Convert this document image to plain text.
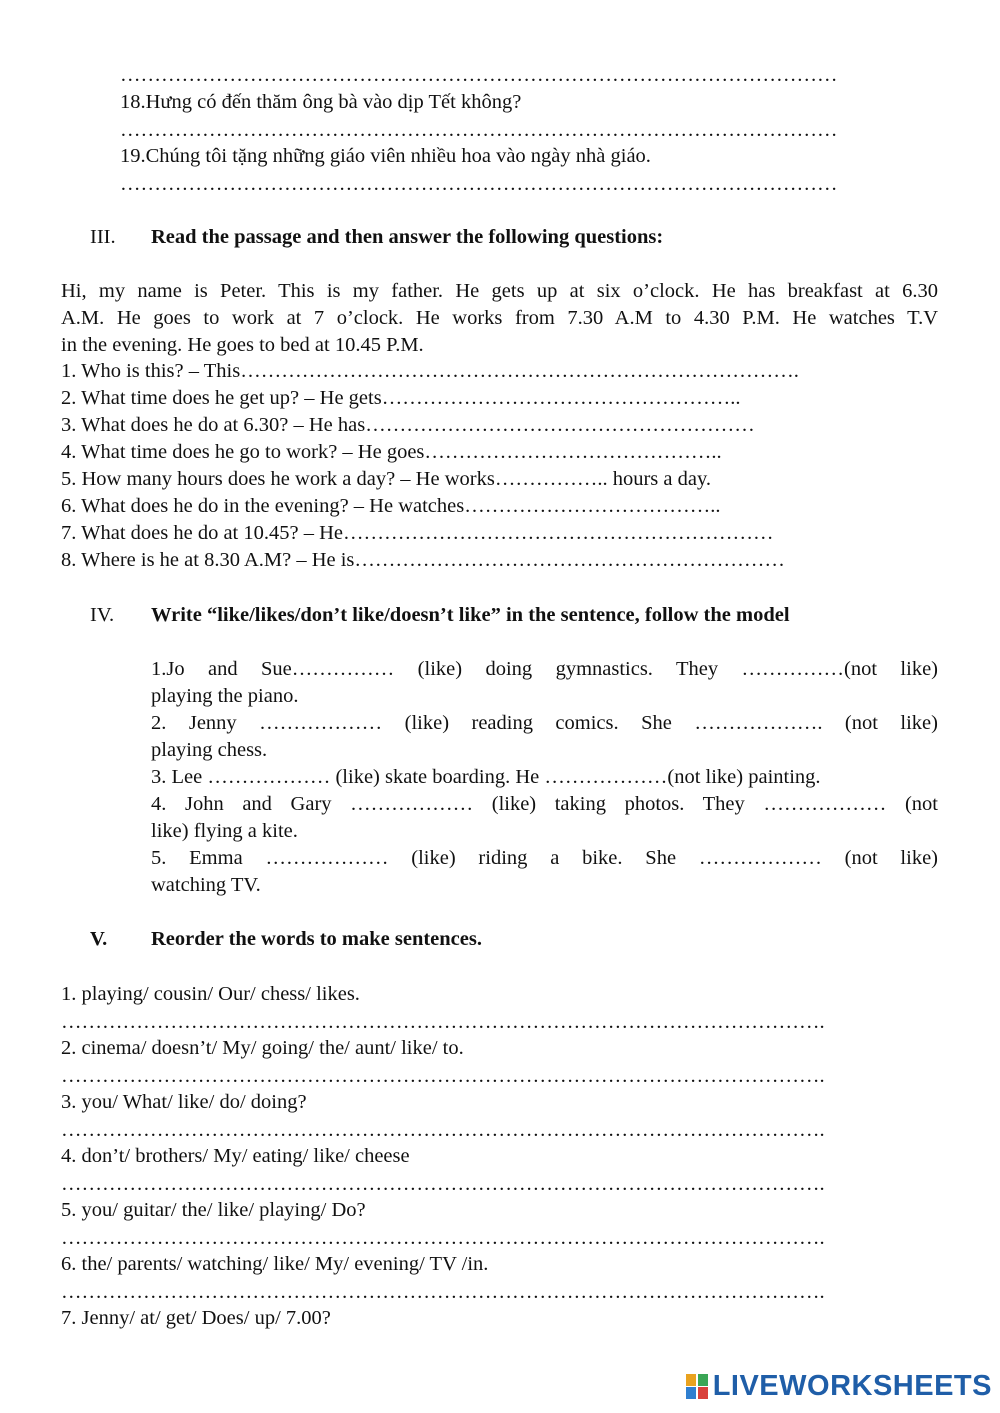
……………………………………………………………………………………………
18.Hưng có đến thăm ông bà vào dịp Tết không?
……………………………………………………………………………………………
19.Chúng tôi tặng những giáo viên nhiều hoa vào ngày nhà giáo.
……………………………………………………………………………………………
III. Read the passage and then answer the following questions:
Hi, my name is Peter. This is my father. He gets up at six o’clock. He has breakfast at 6.30
A.M. He goes to work at 7 o’clock. He works from 7.30 A.M to 4.30 P.M. He watches T.V
in the evening. He goes to bed at 10.45 P.M.
1. Who is this? – This……………………………………………………………………….
2. What time does he get up? – He gets……………………………………………..
3. What does he do at 6.30? – He has…………………………………………………
4. What time does he go to work? – He goes……………………………………..
5. How many hours does he work a day? – He works…………….. hours a day.
6. What does he do in the evening? – He watches………………………………..
7. What does he do at 10.45? – He………………………………………………………
8. Where is he at 8.30 A.M? – He is………………………………………………………
IV. Write “like/likes/don’t like/doesn’t like” in the sentence, follow the model
1.Jo and Sue…………… (like) doing gymnastics. They ……………(not like)
playing the piano.
2. Jenny ……………… (like) reading comics. She ………………. (not like)
playing chess.
3. Lee ……………… (like) skate boarding. He ………………(not like) painting.
4. John and Gary ……………… (like) taking photos. They ……………… (not
like) flying a kite.
5. Emma ……………… (like) riding a bike. She ……………… (not like)
watching TV.
V. Reorder the words to make sentences.
1. playing/ cousin/ Our/ chess/ likes.
………………………………………………………………………………………………….
2. cinema/ doesn’t/ My/ going/ the/ aunt/ like/ to.
………………………………………………………………………………………………….
3. you/ What/ like/ do/ doing?
………………………………………………………………………………………………….
4. don’t/ brothers/ My/ eating/ like/ cheese
………………………………………………………………………………………………….
5. you/ guitar/ the/ like/ playing/ Do?
………………………………………………………………………………………………….
6. the/ parents/ watching/ like/ My/ evening/ TV /in.
………………………………………………………………………………………………….
7. Jenny/ at/ get/ Does/ up/ 7.00?
LIVEWORKSHEETS
